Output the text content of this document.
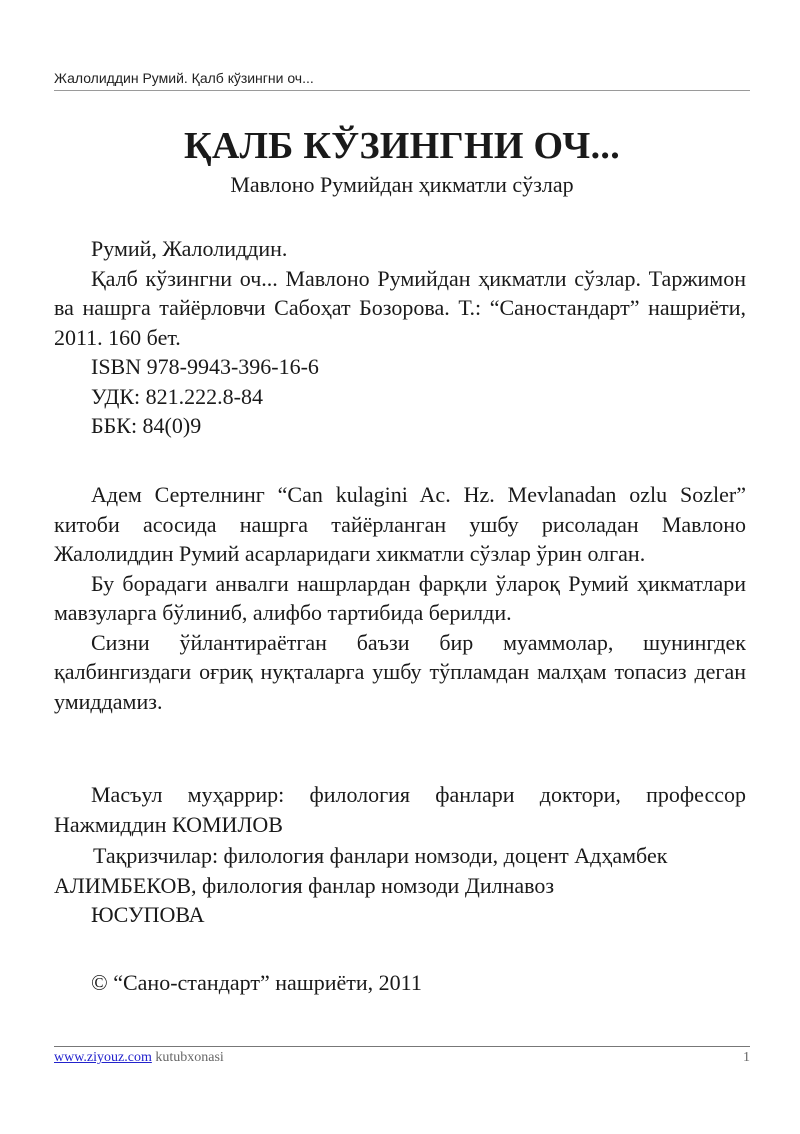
Жалолиддин Румий. Қалб кўзингни оч...
ҚАЛБ КЎЗИНГНИ ОЧ...
Мавлоно Румийдан ҳикматли сўзлар

Румий, Жалолиддин.

Қалб кўзингни оч... Мавлоно Румийдан ҳикматли сўзлар. Таржимон ва нашрга тайёрловчи Сабоҳат Бозорова. Т.: “Саностандарт” нашриёти, 2011. 160 бет.

ISBN 978-9943-396-16-6

УДК: 821.222.8-84

ББК: 84(0)9

Адем Сертелнинг “Can kulagini Ac. Hz. Mevlanadan ozlu Sozler” китоби асосида нашрга тайёрланган ушбу рисоладан Мавлоно Жалолиддин Румий асарларидаги хикматли сўзлар ўрин олган.

Бу борадаги анвалги нашрлардан фарқли ўлароқ Румий ҳикматлари мавзуларга бўлиниб, алифбо тартибида берилди.

Сизни ўйлантираётган баъзи бир муаммолар, шунингдек қалбингиздаги оғриқ нуқталарга ушбу тўпламдан малҳам топасиз деган умиддамиз.

Масъул муҳаррир: филология фанлари доктори, профессор Нажмиддин КОМИЛОВ

Тақризчилар: филология фанлари номзоди, доцент Адҳамбек

АЛИМБЕКОВ, филология фанлар номзоди Дилнавоз

ЮСУПОВА

© “Сано-стандарт” нашриёти, 2011

www.ziyouz.com kutubxonasi	1
